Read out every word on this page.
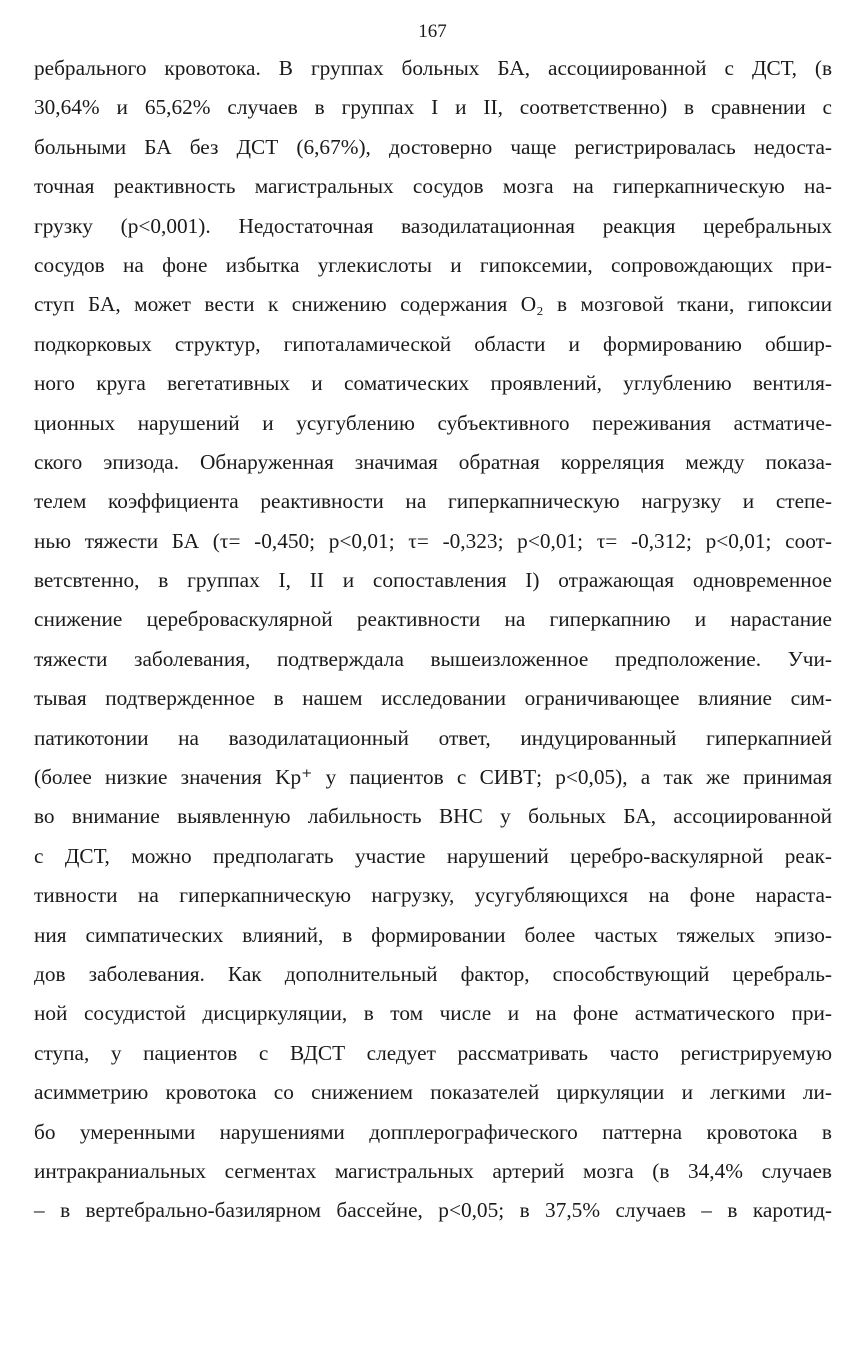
167
ребрального кровотока. В группах больных БА, ассоциированной с ДСТ, (в
30,64% и 65,62% случаев в группах I и II, соответственно) в сравнении с
больными БА без ДСТ (6,67%), достоверно чаще регистрировалась недоста-
точная реактивность магистральных сосудов мозга на гиперкапническую на-
грузку (p<0,001). Недостаточная вазодилатационная реакция церебральных
сосудов на фоне избытка углекислоты и гипоксемии, сопровождающих при-
ступ БА, может вести к снижению содержания O₂ в мозговой ткани, гипоксии
подкорковых структур, гипоталамической области и формированию обшир-
ного круга вегетативных и соматических проявлений, углублению вентиля-
ционных нарушений и усугублению субъективного переживания астматиче-
ского эпизода. Обнаруженная значимая обратная корреляция между показа-
телем коэффициента реактивности на гиперкапническую нагрузку и степе-
нью тяжести БА (τ= -0,450; p<0,01; τ= -0,323; p<0,01; τ= -0,312; p<0,01; соот-
ветсвтенно, в группах I, II и сопоставления I) отражающая одновременное
снижение цереброваскулярной реактивности на гиперкапнию и нарастание
тяжести заболевания, подтверждала вышеизложенное предположение. Учи-
тывая подтвержденное в нашем исследовании ограничивающее влияние сим-
патикотонии на вазодилатационный ответ, индуцированный гиперкапнией
(более низкие значения Kp⁺ у пациентов с CИВТ; p<0,05), а так же принимая
во внимание выявленную лабильность ВНС у больных БА, ассоциированной
с ДСТ, можно предполагать участие нарушений церебро-васкулярной реак-
тивности на гиперкапническую нагрузку, усугубляющихся на фоне нараста-
ния симпатических влияний, в формировании более частых тяжелых эпизо-
дов заболевания. Как дополнительный фактор, способствующий церебраль-
ной сосудистой дисциркуляции, в том числе и на фоне астматического при-
ступа, у пациентов с ВДСТ следует рассматривать часто регистрируемую
асимметрию кровотока со снижением показателей циркуляции и легкими ли-
бо умеренными нарушениями допплерографического паттерна кровотока в
интракраниальных сегментах магистральных артерий мозга (в 34,4% случаев
– в вертебрально-базилярном бассейне, p<0,05; в 37,5% случаев – в каротид-
